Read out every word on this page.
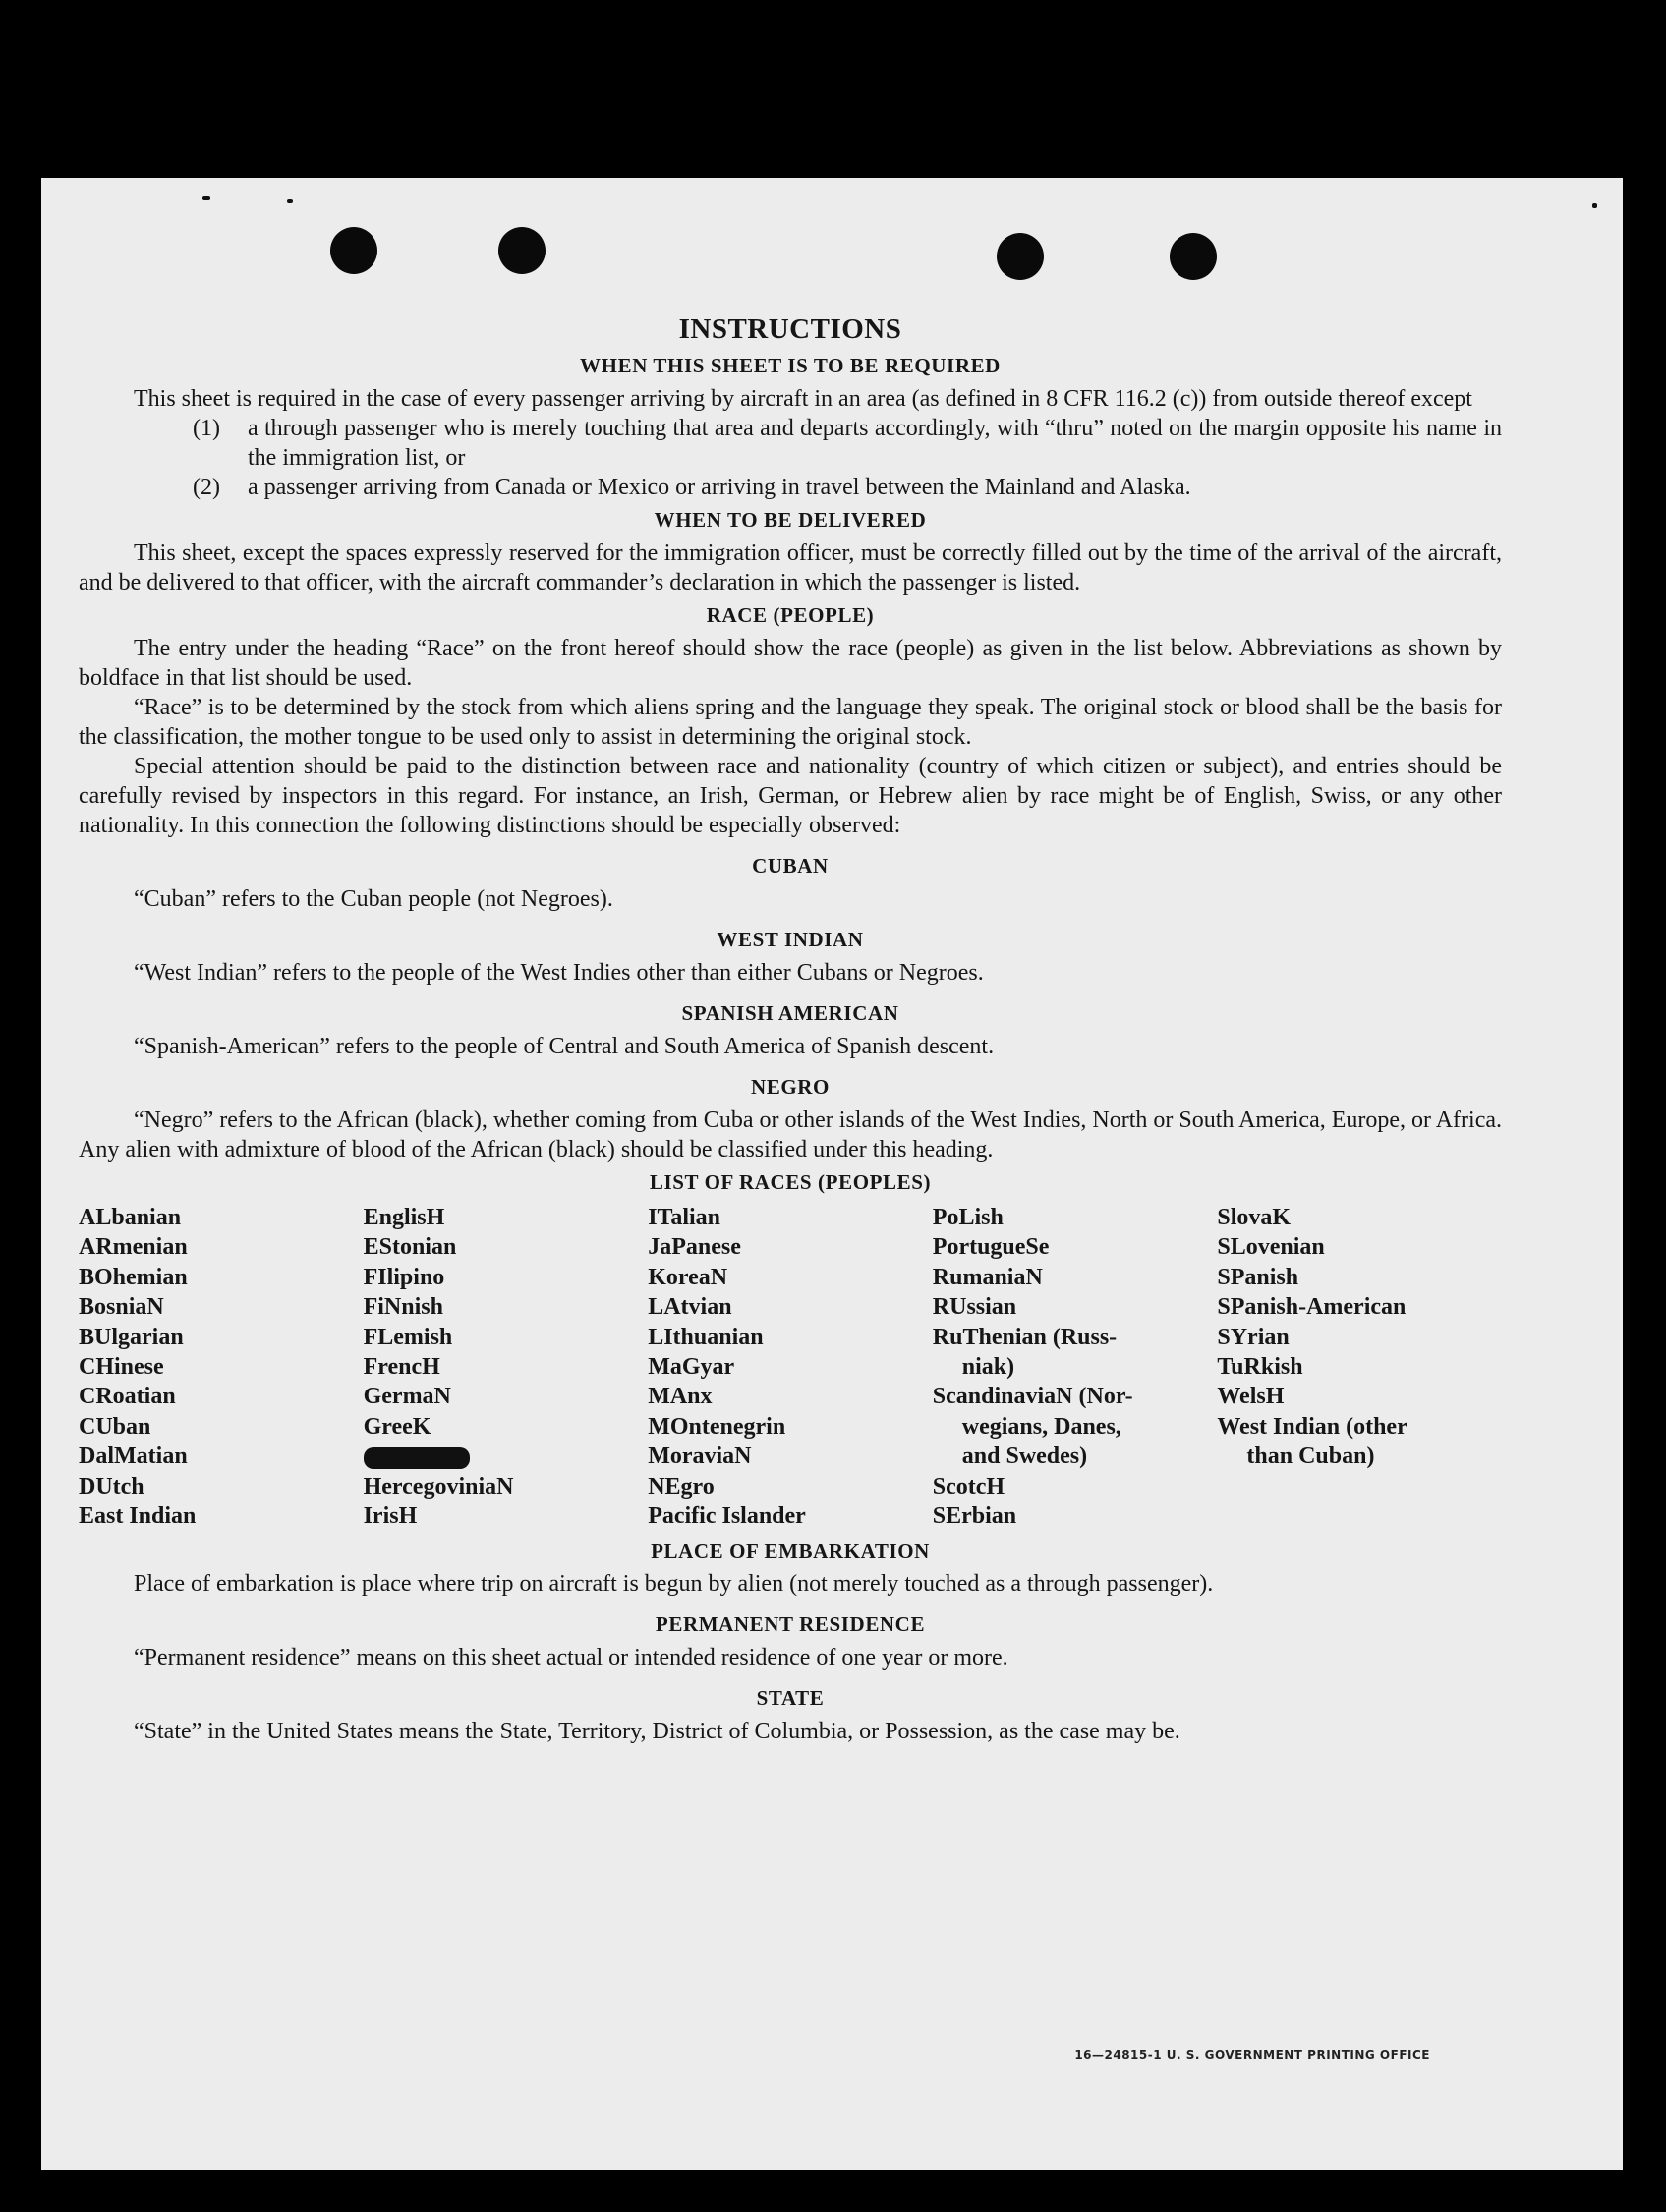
INSTRUCTIONS
WHEN THIS SHEET IS TO BE REQUIRED

This sheet is required in the case of every passenger arriving by aircraft in an area (as defined in 8 CFR 116.2 (c)) from outside thereof except

(1)	a through passenger who is merely touching that area and departs accordingly, with “thru” noted on the margin opposite his name in the immigration list, or
(2)	a passenger arriving from Canada or Mexico or arriving in travel between the Mainland and Alaska.
WHEN TO BE DELIVERED

This sheet, except the spaces expressly reserved for the immigration officer, must be correctly filled out by the time of the arrival of the aircraft, and be delivered to that officer, with the aircraft commander’s declaration in which the passenger is listed.

RACE (PEOPLE)

The entry under the heading “Race” on the front hereof should show the race (people) as given in the list below. Abbreviations as shown by boldface in that list should be used.

“Race” is to be determined by the stock from which aliens spring and the language they speak. The original stock or blood shall be the basis for the classification, the mother tongue to be used only to assist in determining the original stock.

Special attention should be paid to the distinction between race and nationality (country of which citizen or subject), and entries should be carefully revised by inspectors in this regard. For instance, an Irish, German, or Hebrew alien by race might be of English, Swiss, or any other nationality. In this connection the following distinctions should be especially observed:

CUBAN

“Cuban” refers to the Cuban people (not Negroes).

WEST INDIAN

“West Indian” refers to the people of the West Indies other than either Cubans or Negroes.

SPANISH AMERICAN

“Spanish-American” refers to the people of Central and South America of Spanish descent.

NEGRO

“Negro” refers to the African (black), whether coming from Cuba or other islands of the West Indies, North or South America, Europe, or Africa. Any alien with admixture of blood of the African (black) should be classified under this heading.

LIST OF RACES (PEOPLES)
ALbanian
ARmenian
BOhemian
BosniaN
BUlgarian
CHinese
CRoatian
CUban
DalMatian
DUtch
East Indian
EnglisH
EStonian
FIlipino
FiNnish
FLemish
FrencH
GermaN
GreeK
HercegoviniaN
IrisH
ITalian
JaPanese
KoreaN
LAtvian
LIthuanian
MaGyar
MAnx
MOntenegrin
MoraviaN
NEgro
Pacific Islander
PoLish
PortugueSe
RumaniaN
RUssian
RuThenian (Russ-
niak)
ScandinaviaN (Nor-
wegians, Danes,
and Swedes)
ScotcH
SErbian
SlovaK
SLovenian
SPanish
SPanish-American
SYrian
TuRkish
WelsH
West Indian (other
than Cuban)
PLACE OF EMBARKATION

Place of embarkation is place where trip on aircraft is begun by alien (not merely touched as a through passenger).

PERMANENT RESIDENCE

“Permanent residence” means on this sheet actual or intended residence of one year or more.

STATE

“State” in the United States means the State, Territory, District of Columbia, or Possession, as the case may be.

16—24815-1 U. S. GOVERNMENT PRINTING OFFICE
